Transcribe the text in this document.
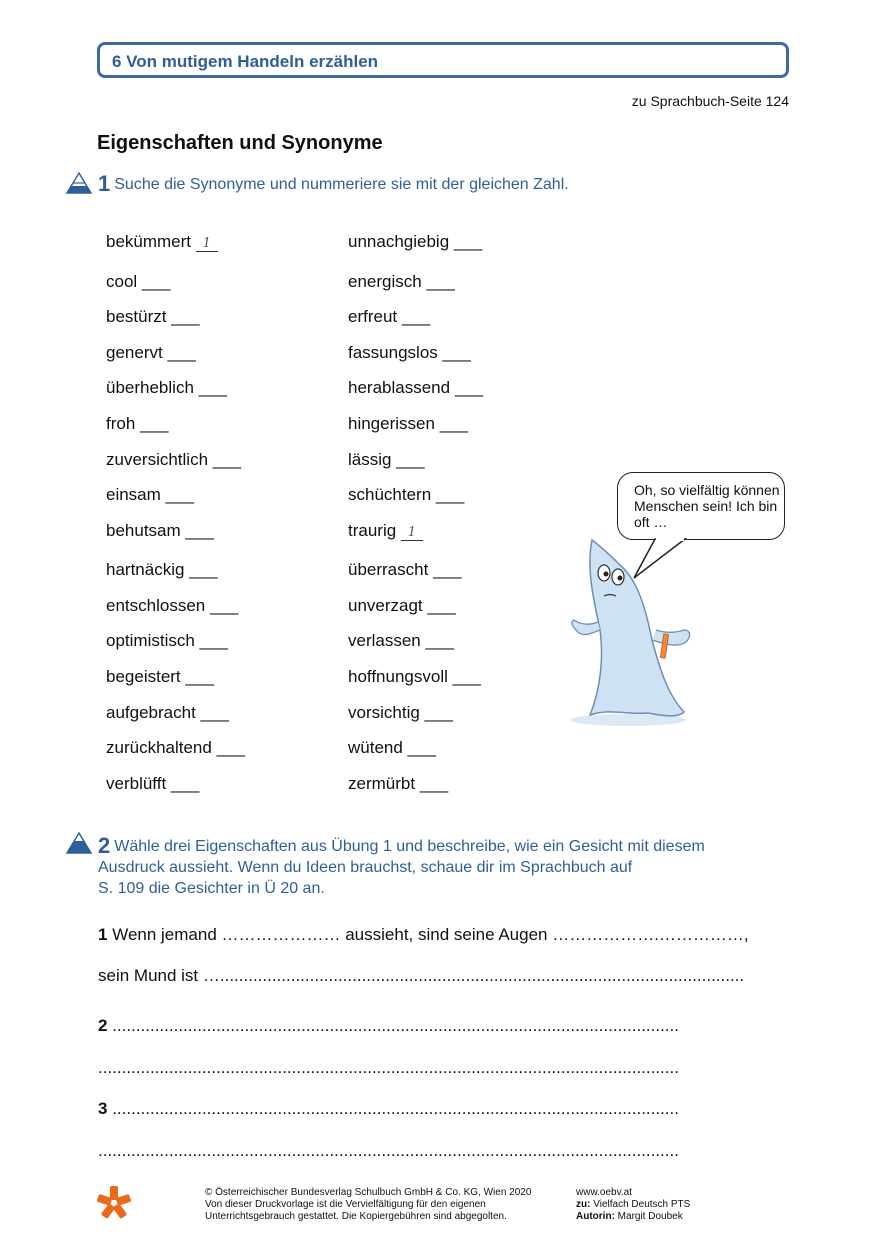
6 Von mutigem Handeln erzählen
zu Sprachbuch-Seite 124
Eigenschaften und Synonyme
1 Suche die Synonyme und nummeriere sie mit der gleichen Zahl.
bekümmert 1
cool ___
bestürzt ___
genervt ___
überheblich ___
froh ___
zuversichtlich ___
einsam ___
behutsam ___
hartnäckig ___
entschlossen ___
optimistisch ___
begeistert ___
aufgebracht ___
zurückhaltend ___
verblüfft ___
unnachgiebig ___
energisch ___
erfreut ___
fassungslos ___
herablassend ___
hingerissen ___
lässig ___
schüchtern ___
traurig 1
überrascht ___
unverzagt ___
verlassen ___
hoffnungsvoll ___
vorsichtig ___
wütend ___
zermürbt ___
Oh, so vielfältig können Menschen sein! Ich bin oft …
2 Wähle drei Eigenschaften aus Übung 1 und beschreibe, wie ein Gesicht mit diesem
Ausdruck aussieht. Wenn du Ideen brauchst, schaue dir im Sprachbuch auf
S. 109 die Gesichter in Ü 20 an.
1 Wenn jemand ………………… aussieht, sind seine Augen ……………….……………,
sein Mund ist …...............................................................................................................
2 ........................................................................................................................
...........................................................................................................................
3 ........................................................................................................................
...........................................................................................................................
© Österreichischer Bundesverlag Schulbuch GmbH & Co. KG, Wien 2020
Von dieser Druckvorlage ist die Vervielfältigung für den eigenen
Unterrichtsgebrauch gestattet. Die Kopiergebühren sind abgegolten.
www.oebv.at
zu: Vielfach Deutsch PTS
Autorin: Margit Doubek
